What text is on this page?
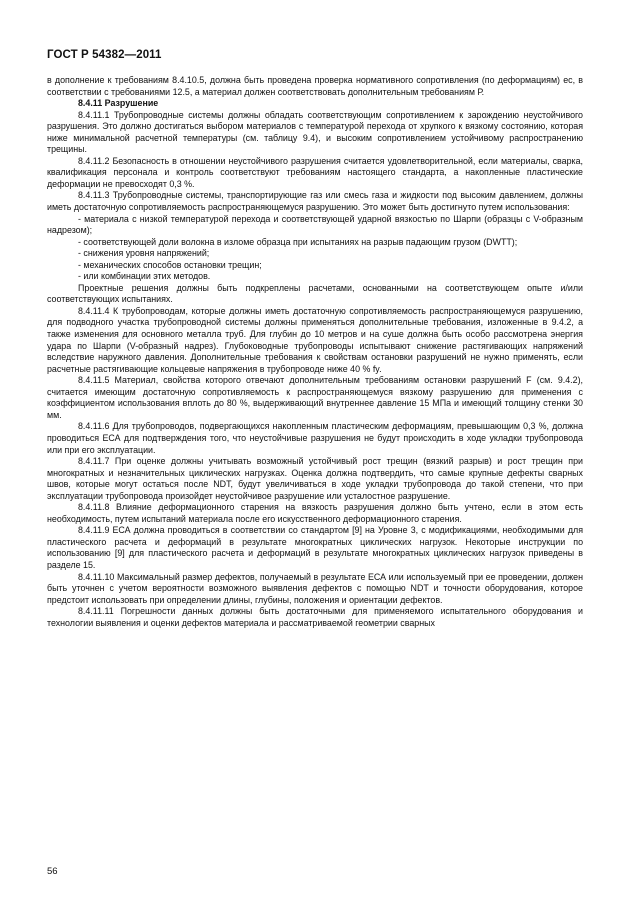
ГОСТ Р 54382—2011

в дополнение к требованиям 8.4.10.5, должна быть проведена проверка нормативного сопротивления (по деформациям) eс, в соответствии с требованиями 12.5, а материал должен соответствовать дополнительным требованиям Р.

8.4.11 Разрушение

8.4.11.1 Трубопроводные системы должны обладать соответствующим сопротивлением к зарождению неустойчивого разрушения. Это должно достигаться выбором материалов с температурой перехода от хрупкого к вязкому состоянию, которая ниже минимальной расчетной температуры (см. таблицу 9.4), и высоким сопротивлением устойчивому распространению трещины.

8.4.11.2 Безопасность в отношении неустойчивого разрушения считается удовлетворительной, если материалы, сварка, квалификация персонала и контроль соответствуют требованиям настоящего стандарта, а накопленные пластические деформации не превосходят 0,3 %.

8.4.11.3 Трубопроводные системы, транспортирующие газ или смесь газа и жидкости под высоким давлением, должны иметь достаточную сопротивляемость распространяющемуся разрушению. Это может быть достигнуто путем использования:

- материала с низкой температурой перехода и соответствующей ударной вязкостью по Шарпи (образцы с V-образным надрезом);

- соответствующей доли волокна в изломе образца при испытаниях на разрыв падающим грузом (DWTT);

- снижения уровня напряжений;

- механических способов остановки трещин;

- или комбинации этих методов.

Проектные решения должны быть подкреплены расчетами, основанными на соответствующем опыте и/или соответствующих испытаниях.

8.4.11.4 К трубопроводам, которые должны иметь достаточную сопротивляемость распространяющемуся разрушению, для подводного участка трубопроводной системы должны применяться дополнительные требования, изложенные в 9.4.2, а также изменения для основного металла труб. Для глубин до 10 метров и на суше должна быть особо рассмотрена энергия удара по Шарпи (V-образный надрез). Глубоководные трубопроводы испытывают снижение растягивающих напряжений вследствие наружного давления. Дополнительные требования к свойствам остановки разрушений не нужно применять, если расчетные растягивающие кольцевые напряжения в трубопроводе ниже 40 % fy.

8.4.11.5 Материал, свойства которого отвечают дополнительным требованиям остановки разрушений F (см. 9.4.2), считается имеющим достаточную сопротивляемость к распространяющемуся вязкому разрушению для применения с коэффициентом использования вплоть до 80 %, выдерживающий внутреннее давление 15 МПа и имеющий толщину стенки 30 мм.

8.4.11.6 Для трубопроводов, подвергающихся накопленным пластическим деформациям, превышающим 0,3 %, должна проводиться ЕСА для подтверждения того, что неустойчивые разрушения не будут происходить в ходе укладки трубопровода или при его эксплуатации.

8.4.11.7 При оценке должны учитывать возможный устойчивый рост трещин (вязкий разрыв) и рост трещин при многократных и незначительных циклических нагрузках. Оценка должна подтвердить, что самые крупные дефекты сварных швов, которые могут остаться после NDT, будут увеличиваться в ходе укладки трубопровода до такой степени, что при эксплуатации трубопровода произойдет неустойчивое разрушение или усталостное разрушение.

8.4.11.8 Влияние деформационного старения на вязкость разрушения должно быть учтено, если в этом есть необходимость, путем испытаний материала после его искусственного деформационного старения.

8.4.11.9 ЕСА должна проводиться в соответствии со стандартом [9] на Уровне 3, с модификациями, необходимыми для пластического расчета и деформаций в результате многократных циклических нагрузок. Некоторые инструкции по использованию [9] для пластического расчета и деформаций в результате многократных циклических нагрузок приведены в разделе 15.

8.4.11.10 Максимальный размер дефектов, получаемый в результате ЕСА или используемый при ее проведении, должен быть уточнен с учетом вероятности возможного выявления дефектов с помощью NDT и точности оборудования, которое предстоит использовать при определении длины, глубины, положения и ориентации дефектов.

8.4.11.11 Погрешности данных должны быть достаточными для применяемого испытательного оборудования и технологии выявления и оценки дефектов материала и рассматриваемой геометрии сварных

56
